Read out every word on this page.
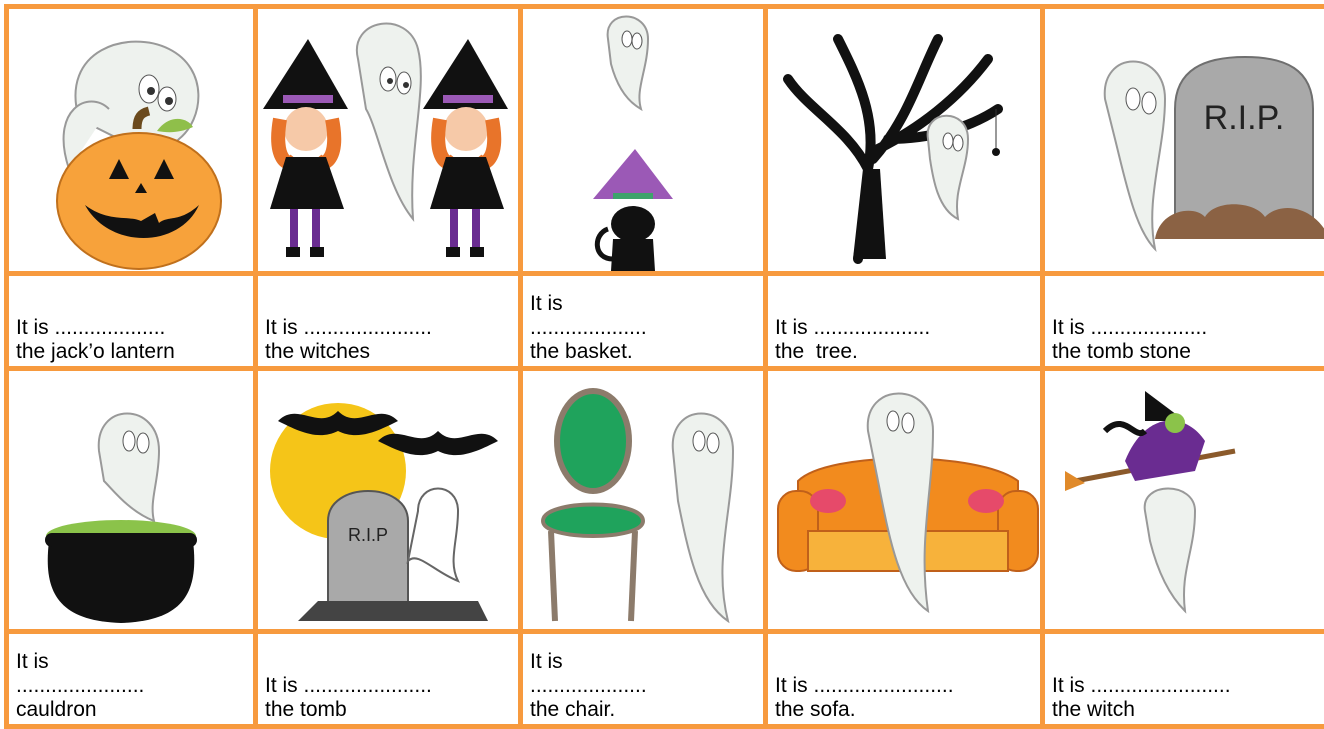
R.I.P.
It is ...................
the jack’o lantern
It is ......................
the witches
It is
....................
the basket.
It is ....................
the  tree.
It is ....................
the tomb stone
R.I.P
It is
......................
cauldron
It is ......................
the tomb
It is
....................
the chair.
It is ........................
the sofa.
It is ........................
the witch
